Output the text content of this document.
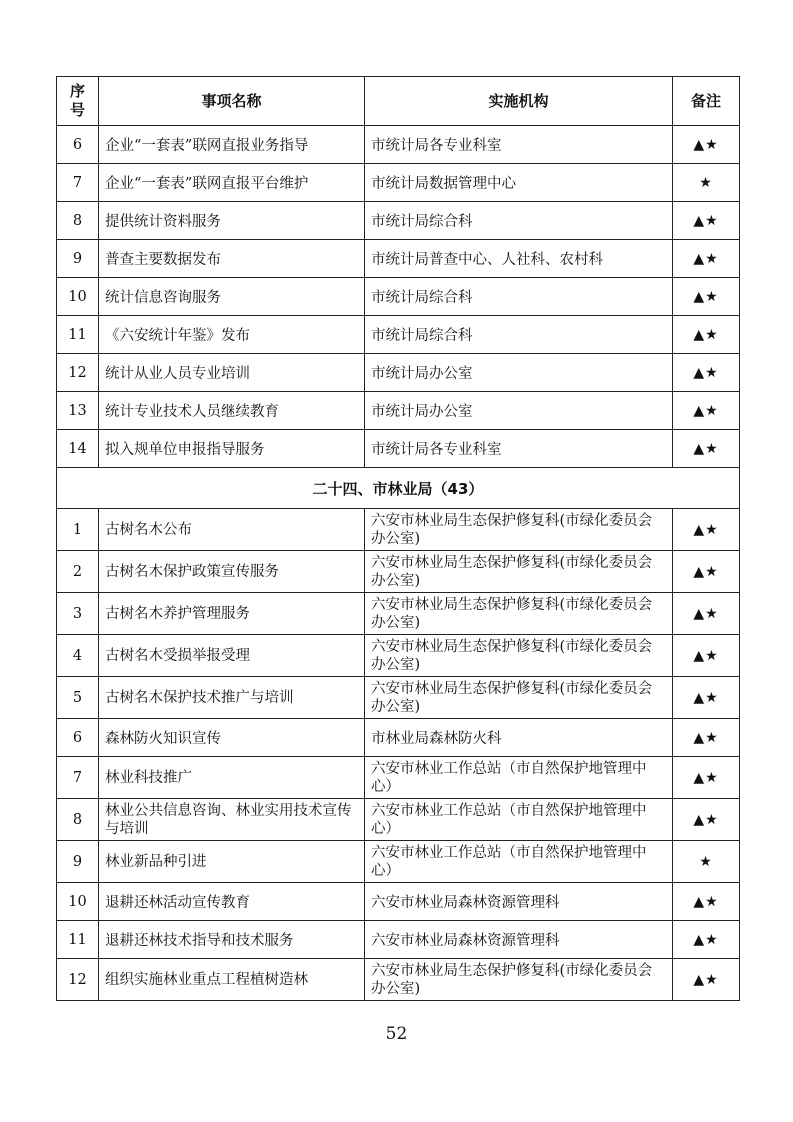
序号	事项名称	实施机构	备注
6	企业“一套表”联网直报业务指导	市统计局各专业科室	▲★
7	企业“一套表”联网直报平台维护	市统计局数据管理中心	★
8	提供统计资料服务	市统计局综合科	▲★
9	普查主要数据发布	市统计局普查中心、人社科、农村科	▲★
10	统计信息咨询服务	市统计局综合科	▲★
11	《六安统计年鉴》发布	市统计局综合科	▲★
12	统计从业人员专业培训	市统计局办公室	▲★
13	统计专业技术人员继续教育	市统计局办公室	▲★
14	拟入规单位申报指导服务	市统计局各专业科室	▲★
二十四、市林业局（43）			
1	古树名木公布	六安市林业局生态保护修复科(市绿化委员会办公室)	▲★
2	古树名木保护政策宣传服务	六安市林业局生态保护修复科(市绿化委员会办公室)	▲★
3	古树名木养护管理服务	六安市林业局生态保护修复科(市绿化委员会办公室)	▲★
4	古树名木受损举报受理	六安市林业局生态保护修复科(市绿化委员会办公室)	▲★
5	古树名木保护技术推广与培训	六安市林业局生态保护修复科(市绿化委员会办公室)	▲★
6	森林防火知识宣传	市林业局森林防火科	▲★
7	林业科技推广	六安市林业工作总站（市自然保护地管理中心）	▲★
8	林业公共信息咨询、林业实用技术宣传与培训	六安市林业工作总站（市自然保护地管理中心）	▲★
9	林业新品种引进	六安市林业工作总站（市自然保护地管理中心）	★
10	退耕还林活动宣传教育	六安市林业局森林资源管理科	▲★
11	退耕还林技术指导和技术服务	六安市林业局森林资源管理科	▲★
12	组织实施林业重点工程植树造林	六安市林业局生态保护修复科(市绿化委员会办公室)	▲★
52
